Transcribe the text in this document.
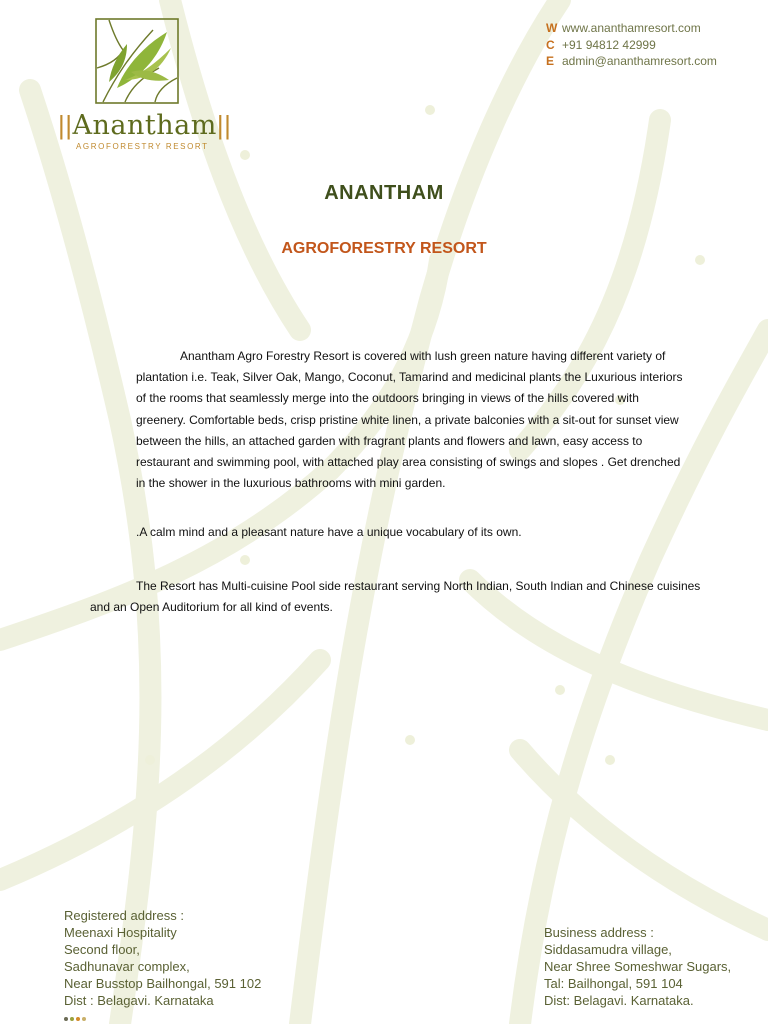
||Anantham||
AGROFORESTRY RESORT
W www.ananthamresort.com
C +91 94812 42999
E admin@ananthamresort.com
ANANTHAM
AGROFORESTRY RESORT
Anantham Agro Forestry Resort is covered with lush green nature having different variety of plantation i.e. Teak, Silver Oak, Mango, Coconut, Tamarind and medicinal plants the Luxurious interiors of the rooms that seamlessly merge into the outdoors bringing in views of the hills covered with greenery. Comfortable beds, crisp pristine white linen, a private balconies with a sit-out for sunset view between the hills, an attached garden with fragrant plants and flowers and lawn, easy access to restaurant and swimming pool, with attached play area consisting of swings and slopes . Get drenched in the shower in the luxurious bathrooms with mini garden.
.A calm mind and a pleasant nature have a unique vocabulary of its own.
The Resort has Multi-cuisine Pool side restaurant serving North Indian, South Indian and Chinese cuisines and an Open Auditorium for all kind of events.
Registered address :
Meenaxi Hospitality
Second floor,
Sadhunavar complex,
Near Busstop Bailhongal, 591 102
Dist : Belagavi. Karnataka
Business address :
Siddasamudra village,
Near Shree Someshwar Sugars,
Tal: Bailhongal, 591 104
Dist: Belagavi. Karnataka.
